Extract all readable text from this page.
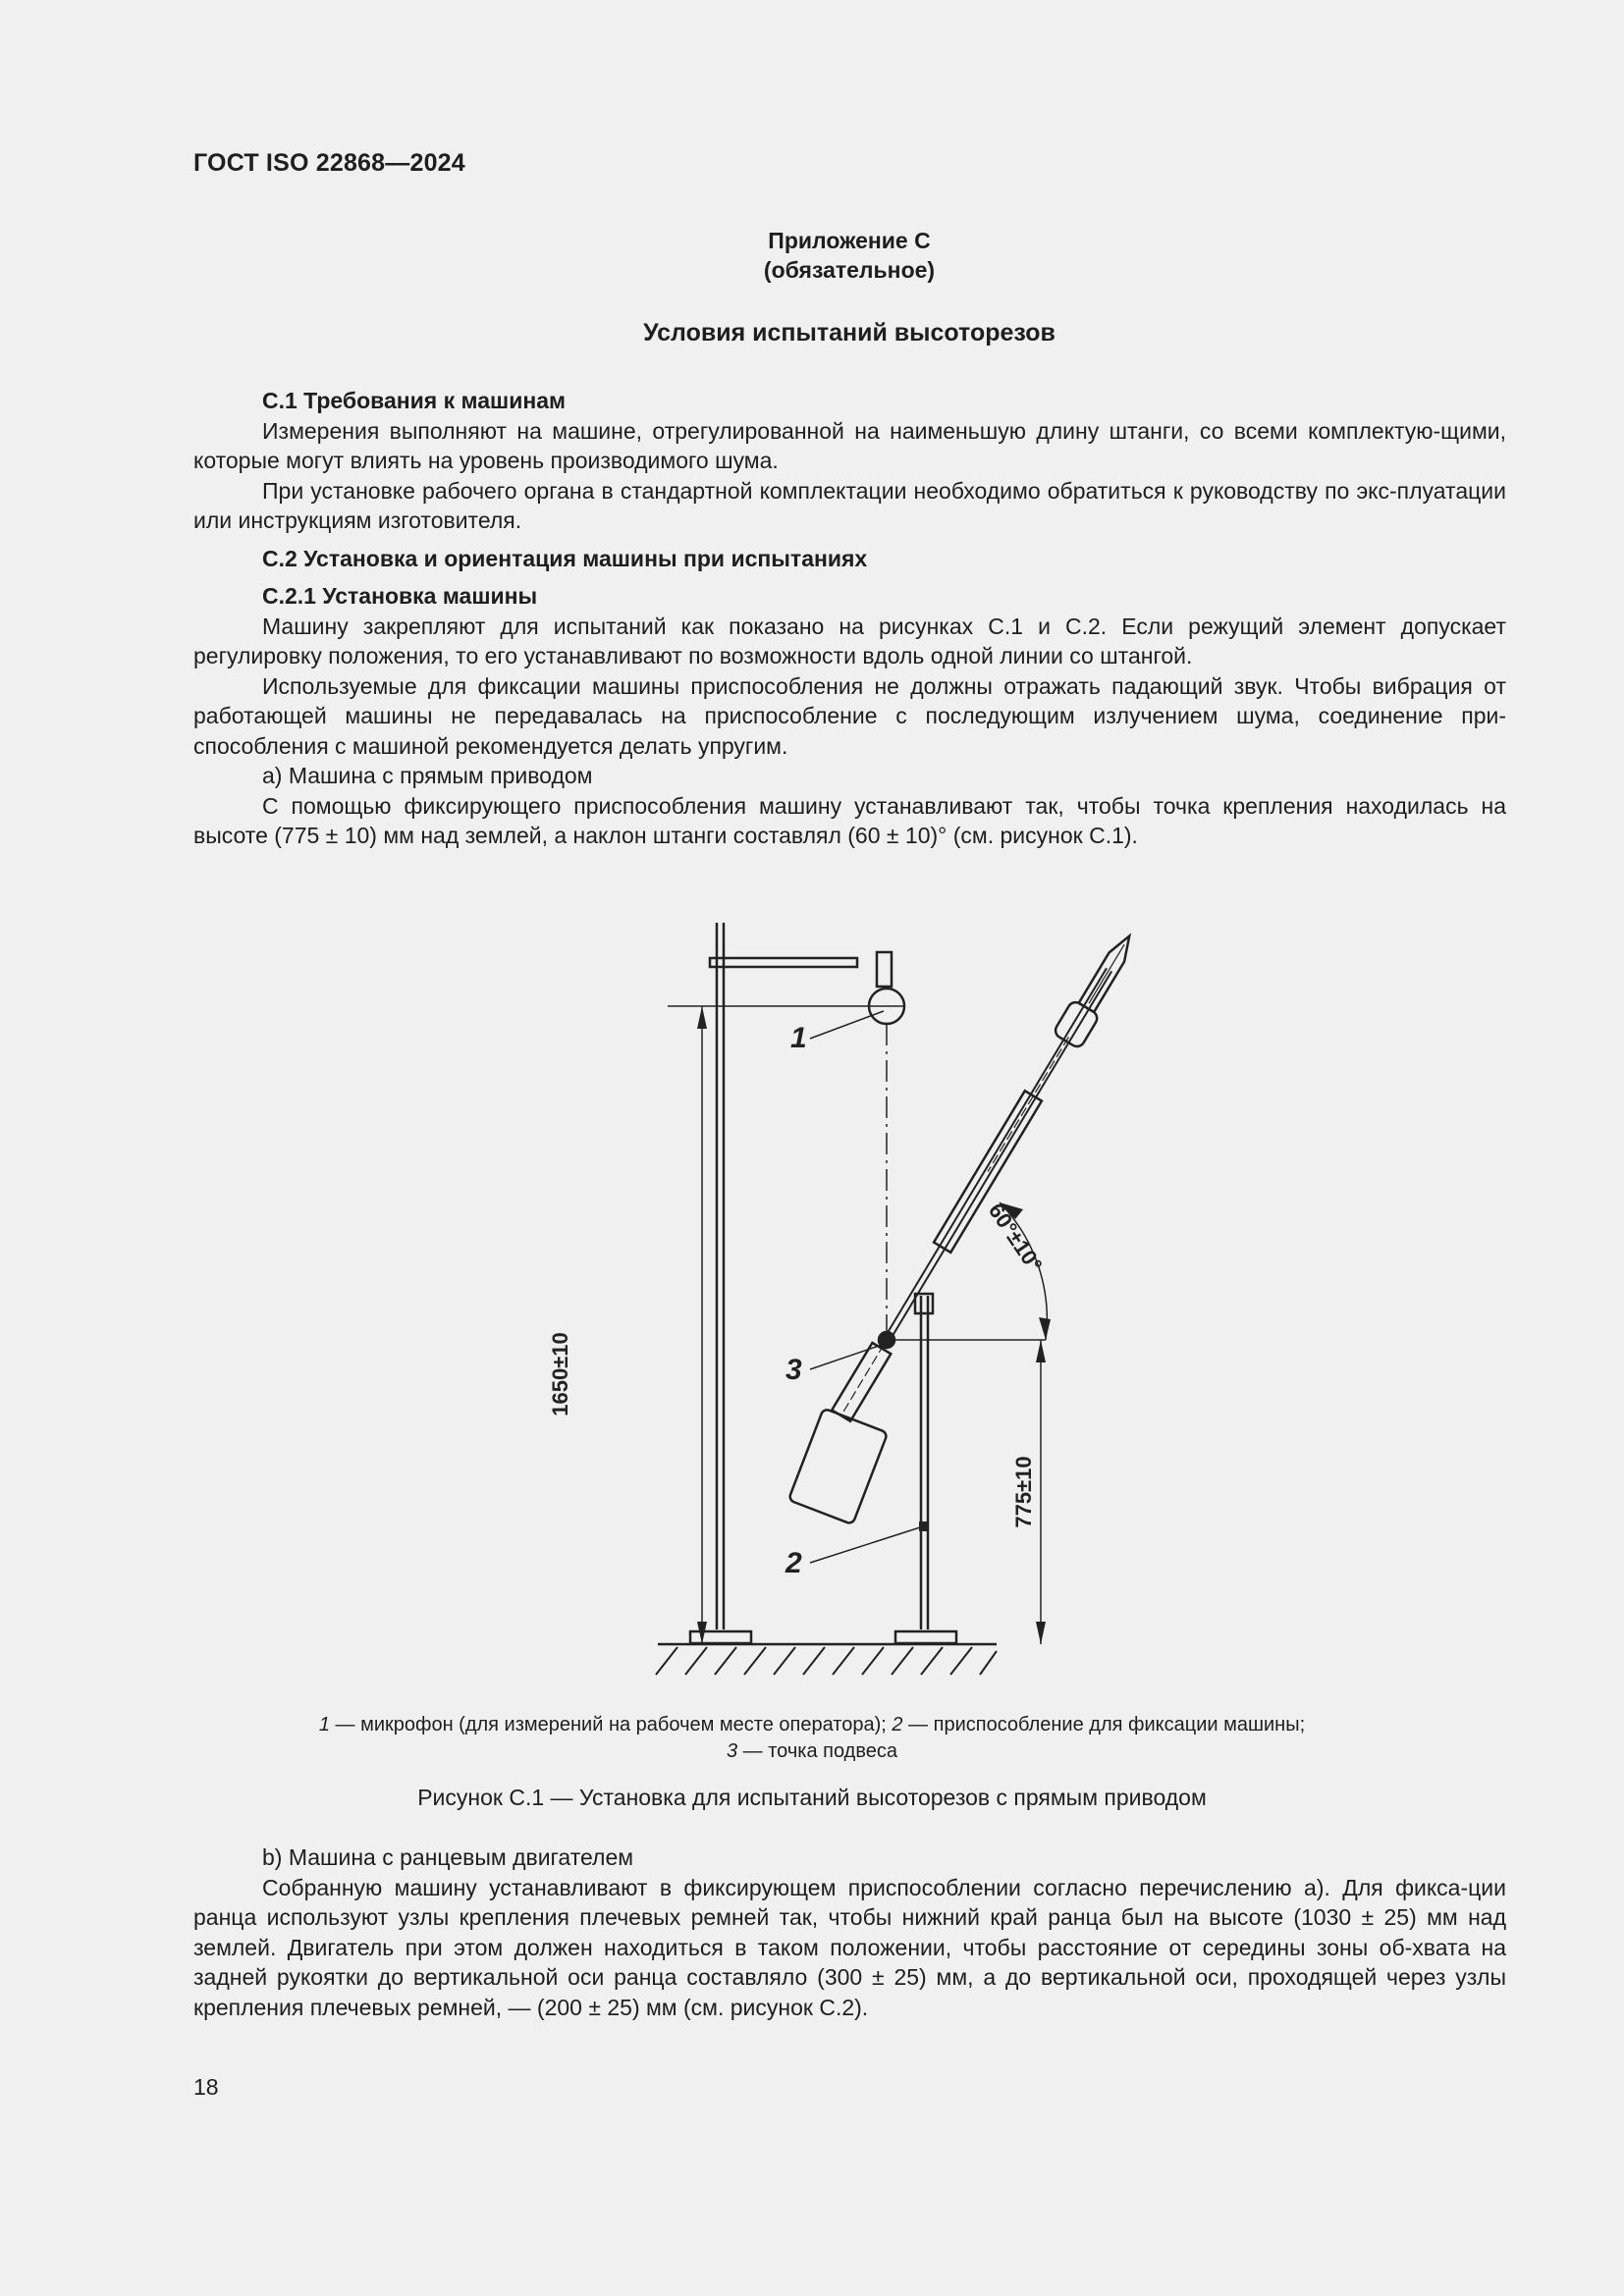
ГОСТ ISO 22868—2024
Приложение С
(обязательное)
Условия испытаний высоторезов
С.1 Требования к машинам

Измерения выполняют на машине, отрегулированной на наименьшую длину штанги, со всеми комплектую-щими, которые могут влиять на уровень производимого шума.

При установке рабочего органа в стандартной комплектации необходимо обратиться к руководству по экс-плуатации или инструкциям изготовителя.

С.2 Установка и ориентация машины при испытаниях
С.2.1 Установка машины

Машину закрепляют для испытаний как показано на рисунках С.1 и С.2. Если режущий элемент допускает регулировку положения, то его устанавливают по возможности вдоль одной линии со штангой.

Используемые для фиксации машины приспособления не должны отражать падающий звук. Чтобы вибрация от работающей машины не передавалась на приспособление с последующим излучением шума, соединение при-способления с машиной рекомендуется делать упругим.

a) Машина с прямым приводом

С помощью фиксирующего приспособления машину устанавливают так, чтобы точка крепления находилась на высоте (775 ± 10) мм над землей, а наклон штанги составлял (60 ± 10)° (см. рисунок С.1).

1
3
2
1650±10
775±10
60°±10°
1 — микрофон (для измерений на рабочем месте оператора); 2 — приспособление для фиксации машины;
3 — точка подвеса
Рисунок С.1 — Установка для испытаний высоторезов с прямым приводом

b) Машина с ранцевым двигателем

Собранную машину устанавливают в фиксирующем приспособлении согласно перечислению а). Для фикса-ции ранца используют узлы крепления плечевых ремней так, чтобы нижний край ранца был на высоте (1030 ± 25) мм над землей. Двигатель при этом должен находиться в таком положении, чтобы расстояние от середины зоны об-хвата на задней рукоятки до вертикальной оси ранца составляло (300 ± 25) мм, а до вертикальной оси, проходящей через узлы крепления плечевых ремней, — (200 ± 25) мм (см. рисунок С.2).

18
